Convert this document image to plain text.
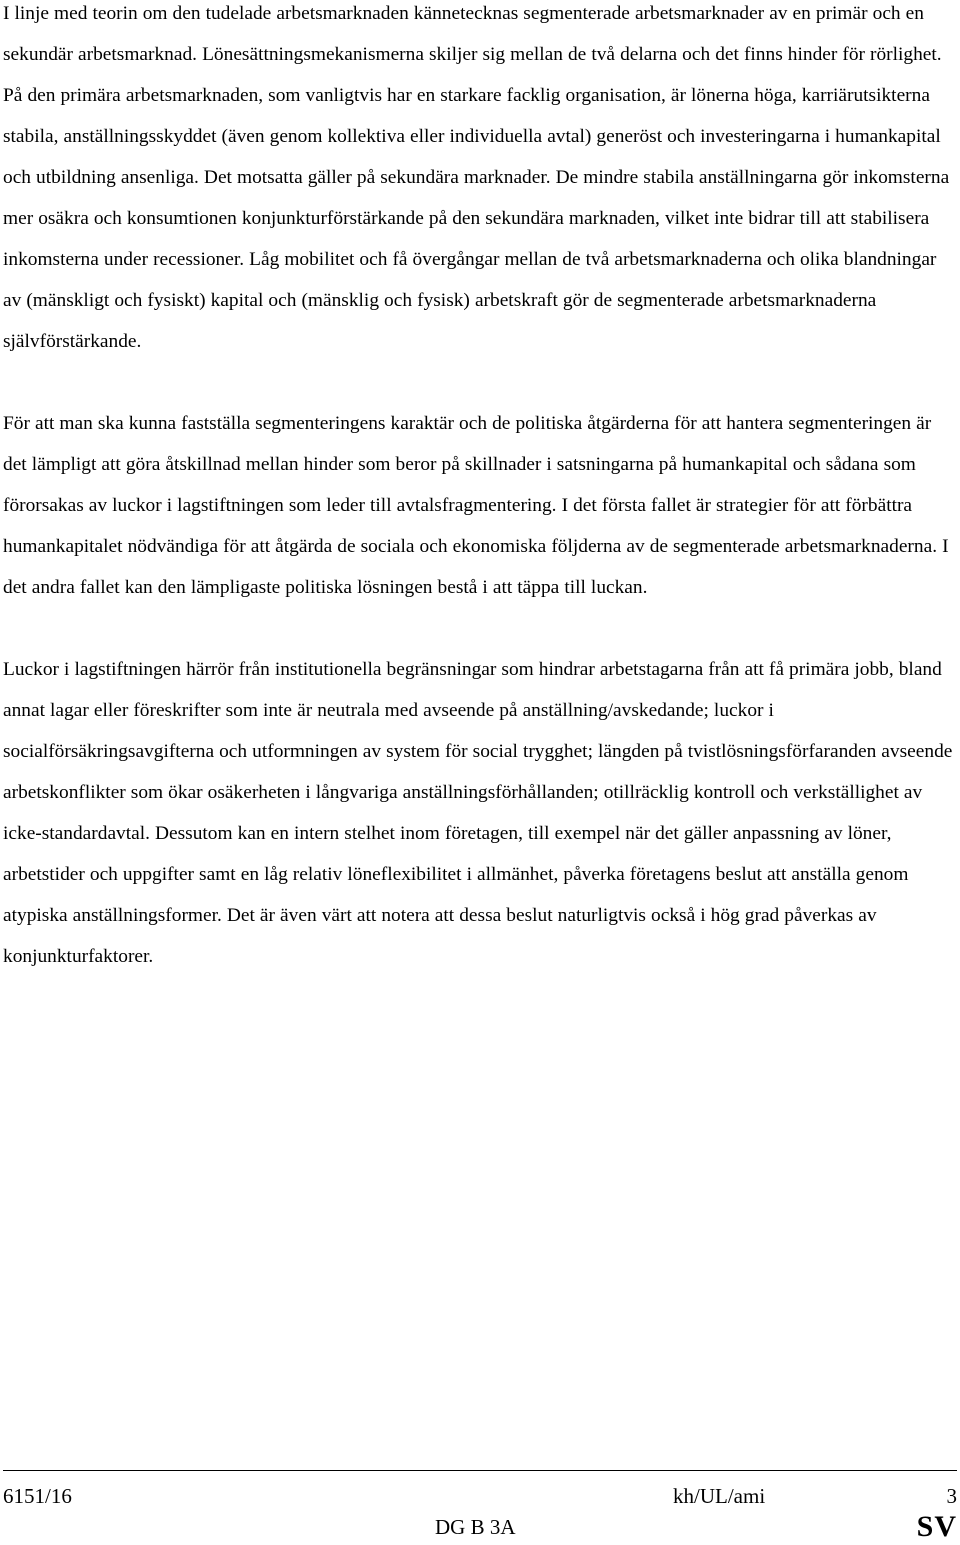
I linje med teorin om den tudelade arbetsmarknaden kännetecknas segmenterade arbetsmarknader av en primär och en sekundär arbetsmarknad. Lönesättningsmekanismerna skiljer sig mellan de två delarna och det finns hinder för rörlighet. På den primära arbetsmarknaden, som vanligtvis har en starkare facklig organisation, är lönerna höga, karriärutsikterna stabila, anställningsskyddet (även genom kollektiva eller individuella avtal) generöst och investeringarna i humankapital och utbildning ansenliga. Det motsatta gäller på sekundära marknader. De mindre stabila anställningarna gör inkomsterna mer osäkra och konsumtionen konjunkturförstärkande på den sekundära marknaden, vilket inte bidrar till att stabilisera inkomsterna under recessioner. Låg mobilitet och få övergångar mellan de två arbetsmarknaderna och olika blandningar av (mänskligt och fysiskt) kapital och (mänsklig och fysisk) arbetskraft gör de segmenterade arbetsmarknaderna självförstärkande.

För att man ska kunna fastställa segmenteringens karaktär och de politiska åtgärderna för att hantera segmenteringen är det lämpligt att göra åtskillnad mellan hinder som beror på skillnader i satsningarna på humankapital och sådana som förorsakas av luckor i lagstiftningen som leder till avtalsfragmentering. I det första fallet är strategier för att förbättra humankapitalet nödvändiga för att åtgärda de sociala och ekonomiska följderna av de segmenterade arbetsmarknaderna. I det andra fallet kan den lämpligaste politiska lösningen bestå i att täppa till luckan.

Luckor i lagstiftningen härrör från institutionella begränsningar som hindrar arbetstagarna från att få primära jobb, bland annat lagar eller föreskrifter som inte är neutrala med avseende på anställning/avskedande; luckor i socialförsäkringsavgifterna och utformningen av system för social trygghet; längden på tvistlösningsförfaranden avseende arbetskonflikter som ökar osäkerheten i långvariga anställningsförhållanden; otillräcklig kontroll och verkställighet av icke-standardavtal. Dessutom kan en intern stelhet inom företagen, till exempel när det gäller anpassning av löner, arbetstider och uppgifter samt en låg relativ löneflexibilitet i allmänhet, påverka företagens beslut att anställa genom atypiska anställningsformer. Det är även värt att notera att dessa beslut naturligtvis också i hög grad påverkas av konjunkturfaktorer.

6151/16	kh/UL/ami	3
DG B 3A	SV
